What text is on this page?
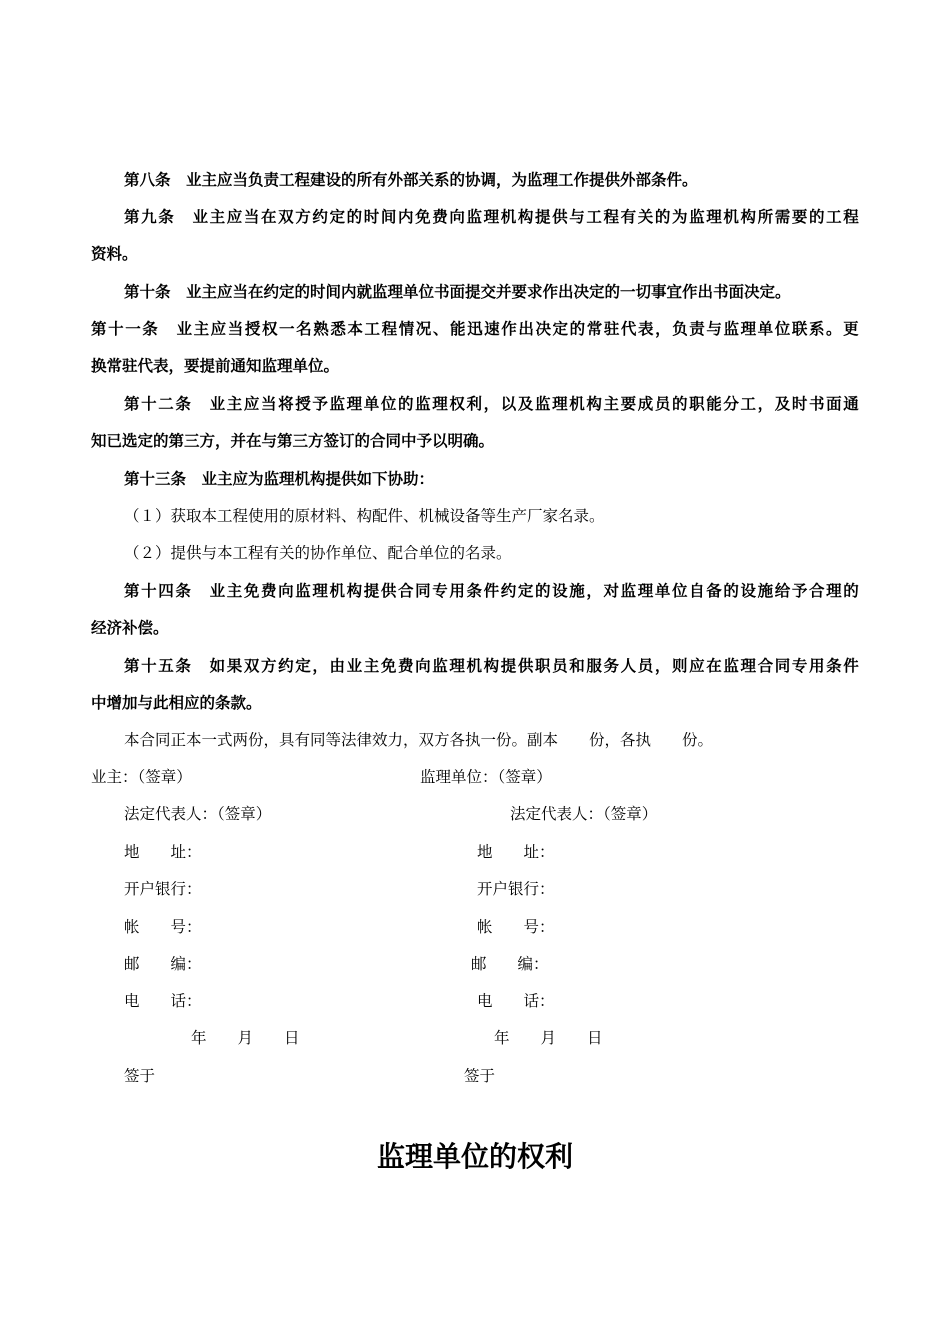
第八条　业主应当负责工程建设的所有外部关系的协调，为监理工作提供外部条件。
第 九 条
　 业 主 应 当 在 双 方 约 定 的 时 间 内 免 费 向 监 理 机 构 提 供 与 工 程 有 关 的 为 监 理 机 构 所 需 要 的 工 程
资料。
第十条　业主应当在约定的时间内就监理单位书面提交并要求作出决定的一切事宜作出书面决定。
第 十 一 条
　 业 主 应 当 授 权 一 名 熟 悉 本 工 程 情 况 、 能 迅 速 作 出 决 定 的 常 驻 代 表 ， 负 责 与 监 理 单 位 联 系 。 更
换常驻代表，要提前通知监理单位。
第 十 二 条
　 业 主 应 当 将 授 予 监 理 单 位 的 监 理 权 利 ， 以 及 监 理 机 构 主 要 成 员 的 职 能 分 工 ， 及 时 书 面 通
知已选定的第三方，并在与第三方签订的合同中予以明确。
第十三条　业主应为监理机构提供如下协助：
（１）获取本工程使用的原材料、构配件、机械设备等生产厂家名录。
（２）提供与本工程有关的协作单位、配合单位的名录。
第 十 四 条
　 业 主 免 费 向 监 理 机 构 提 供 合 同 专 用 条 件 约 定 的 设 施 ， 对 监 理 单 位 自 备 的 设 施 给 予 合 理 的
经济补偿。
第 十 五 条
　 如 果 双 方 约 定 ， 由 业 主 免 费 向 监 理 机 构 提 供 职 员 和 服 务 人 员 ， 则 应 在 监 理 合 同 专 用 条 件
中增加与此相应的条款。
本合同正本一式两份，具有同等法律效力，双方各执一份。副本　　份，各执　　份。
业主：（签章）
法定代表人：（签章）
地　　址：
开户银行：
帐　　号：
邮　　编：
电　　话：
年　　月　　日
签于
监理单位：（签章）
法定代表人：（签章）
地　　址：
开户银行：
帐　　号：
邮　　编：
电　　话：
年　　月　　日
签于
监理单位的权利
